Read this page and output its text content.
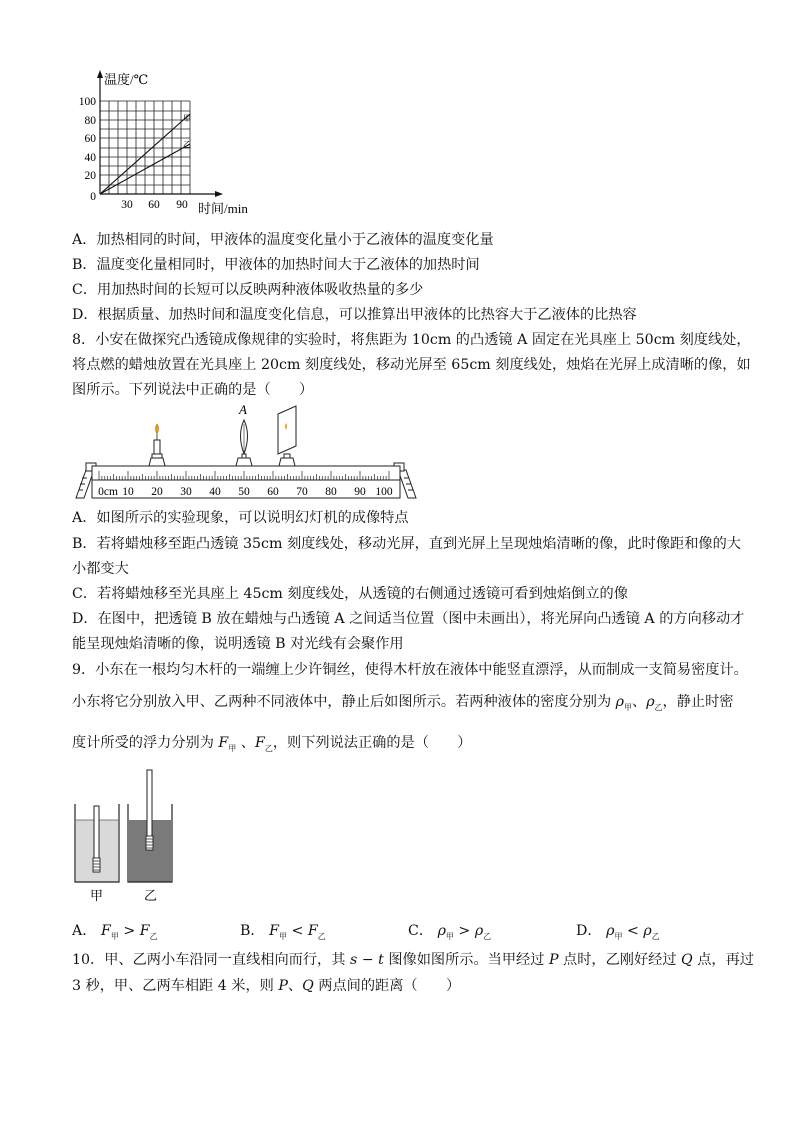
甲
乙
温度/℃
时间/min
100
80
60
40
20
0
30 60 90
A．加热相同的时间，甲液体的温度变化量小于乙液体的温度变化量
B．温度变化量相同时，甲液体的加热时间大于乙液体的加热时间
C．用加热时间的长短可以反映两种液体吸收热量的多少
D．根据质量、加热时间和温度变化信息，可以推算出甲液体的比热容大于乙液体的比热容
8．小安在做探究凸透镜成像规律的实验时，将焦距为 10cm 的凸透镜 A 固定在光具座上 50cm 刻度线处，
将点燃的蜡烛放置在光具座上 20cm 刻度线处，移动光屏至 65cm 刻度线处，烛焰在光屏上成清晰的像，如
图所示。下列说法中正确的是（　　）
0cm 10 20 30 40 50 60 70 80 90 100
A
A．如图所示的实验现象，可以说明幻灯机的成像特点
B．若将蜡烛移至距凸透镜 35cm 刻度线处，移动光屏，直到光屏上呈现烛焰清晰的像，此时像距和像的大
小都变大
C．若将蜡烛移至光具座上 45cm 刻度线处，从透镜的右侧通过透镜可看到烛焰倒立的像
D．在图中，把透镜 B 放在蜡烛与凸透镜 A 之间适当位置（图中未画出），将光屏向凸透镜 A 的方向移动才
能呈现烛焰清晰的像，说明透镜 B 对光线有会聚作用
9．小东在一根均匀木杆的一端缠上少许铜丝，使得木杆放在液体中能竖直漂浮，从而制成一支简易密度计。
小东将它分别放入甲、乙两种不同液体中，静止后如图所示。若两种液体的密度分别为 $\rho_甲$、$\rho_乙$，静止时密
度计所受的浮力分别为 $F_甲$ 、$F_乙$，则下列说法正确的是（　　）
甲	乙
A． $F_甲 > F_乙$	B． $F_甲 < F_乙$	C． $\rho_甲 > \rho_乙$	D． $\rho_甲 < \rho_乙$
10．甲、乙两小车沿同一直线相向而行，其 s − t 图像如图所示。当甲经过 P 点时，乙刚好经过 Q 点，再过
3 秒，甲、乙两车相距 4 米，则 P、Q 两点间的距离（　　）
